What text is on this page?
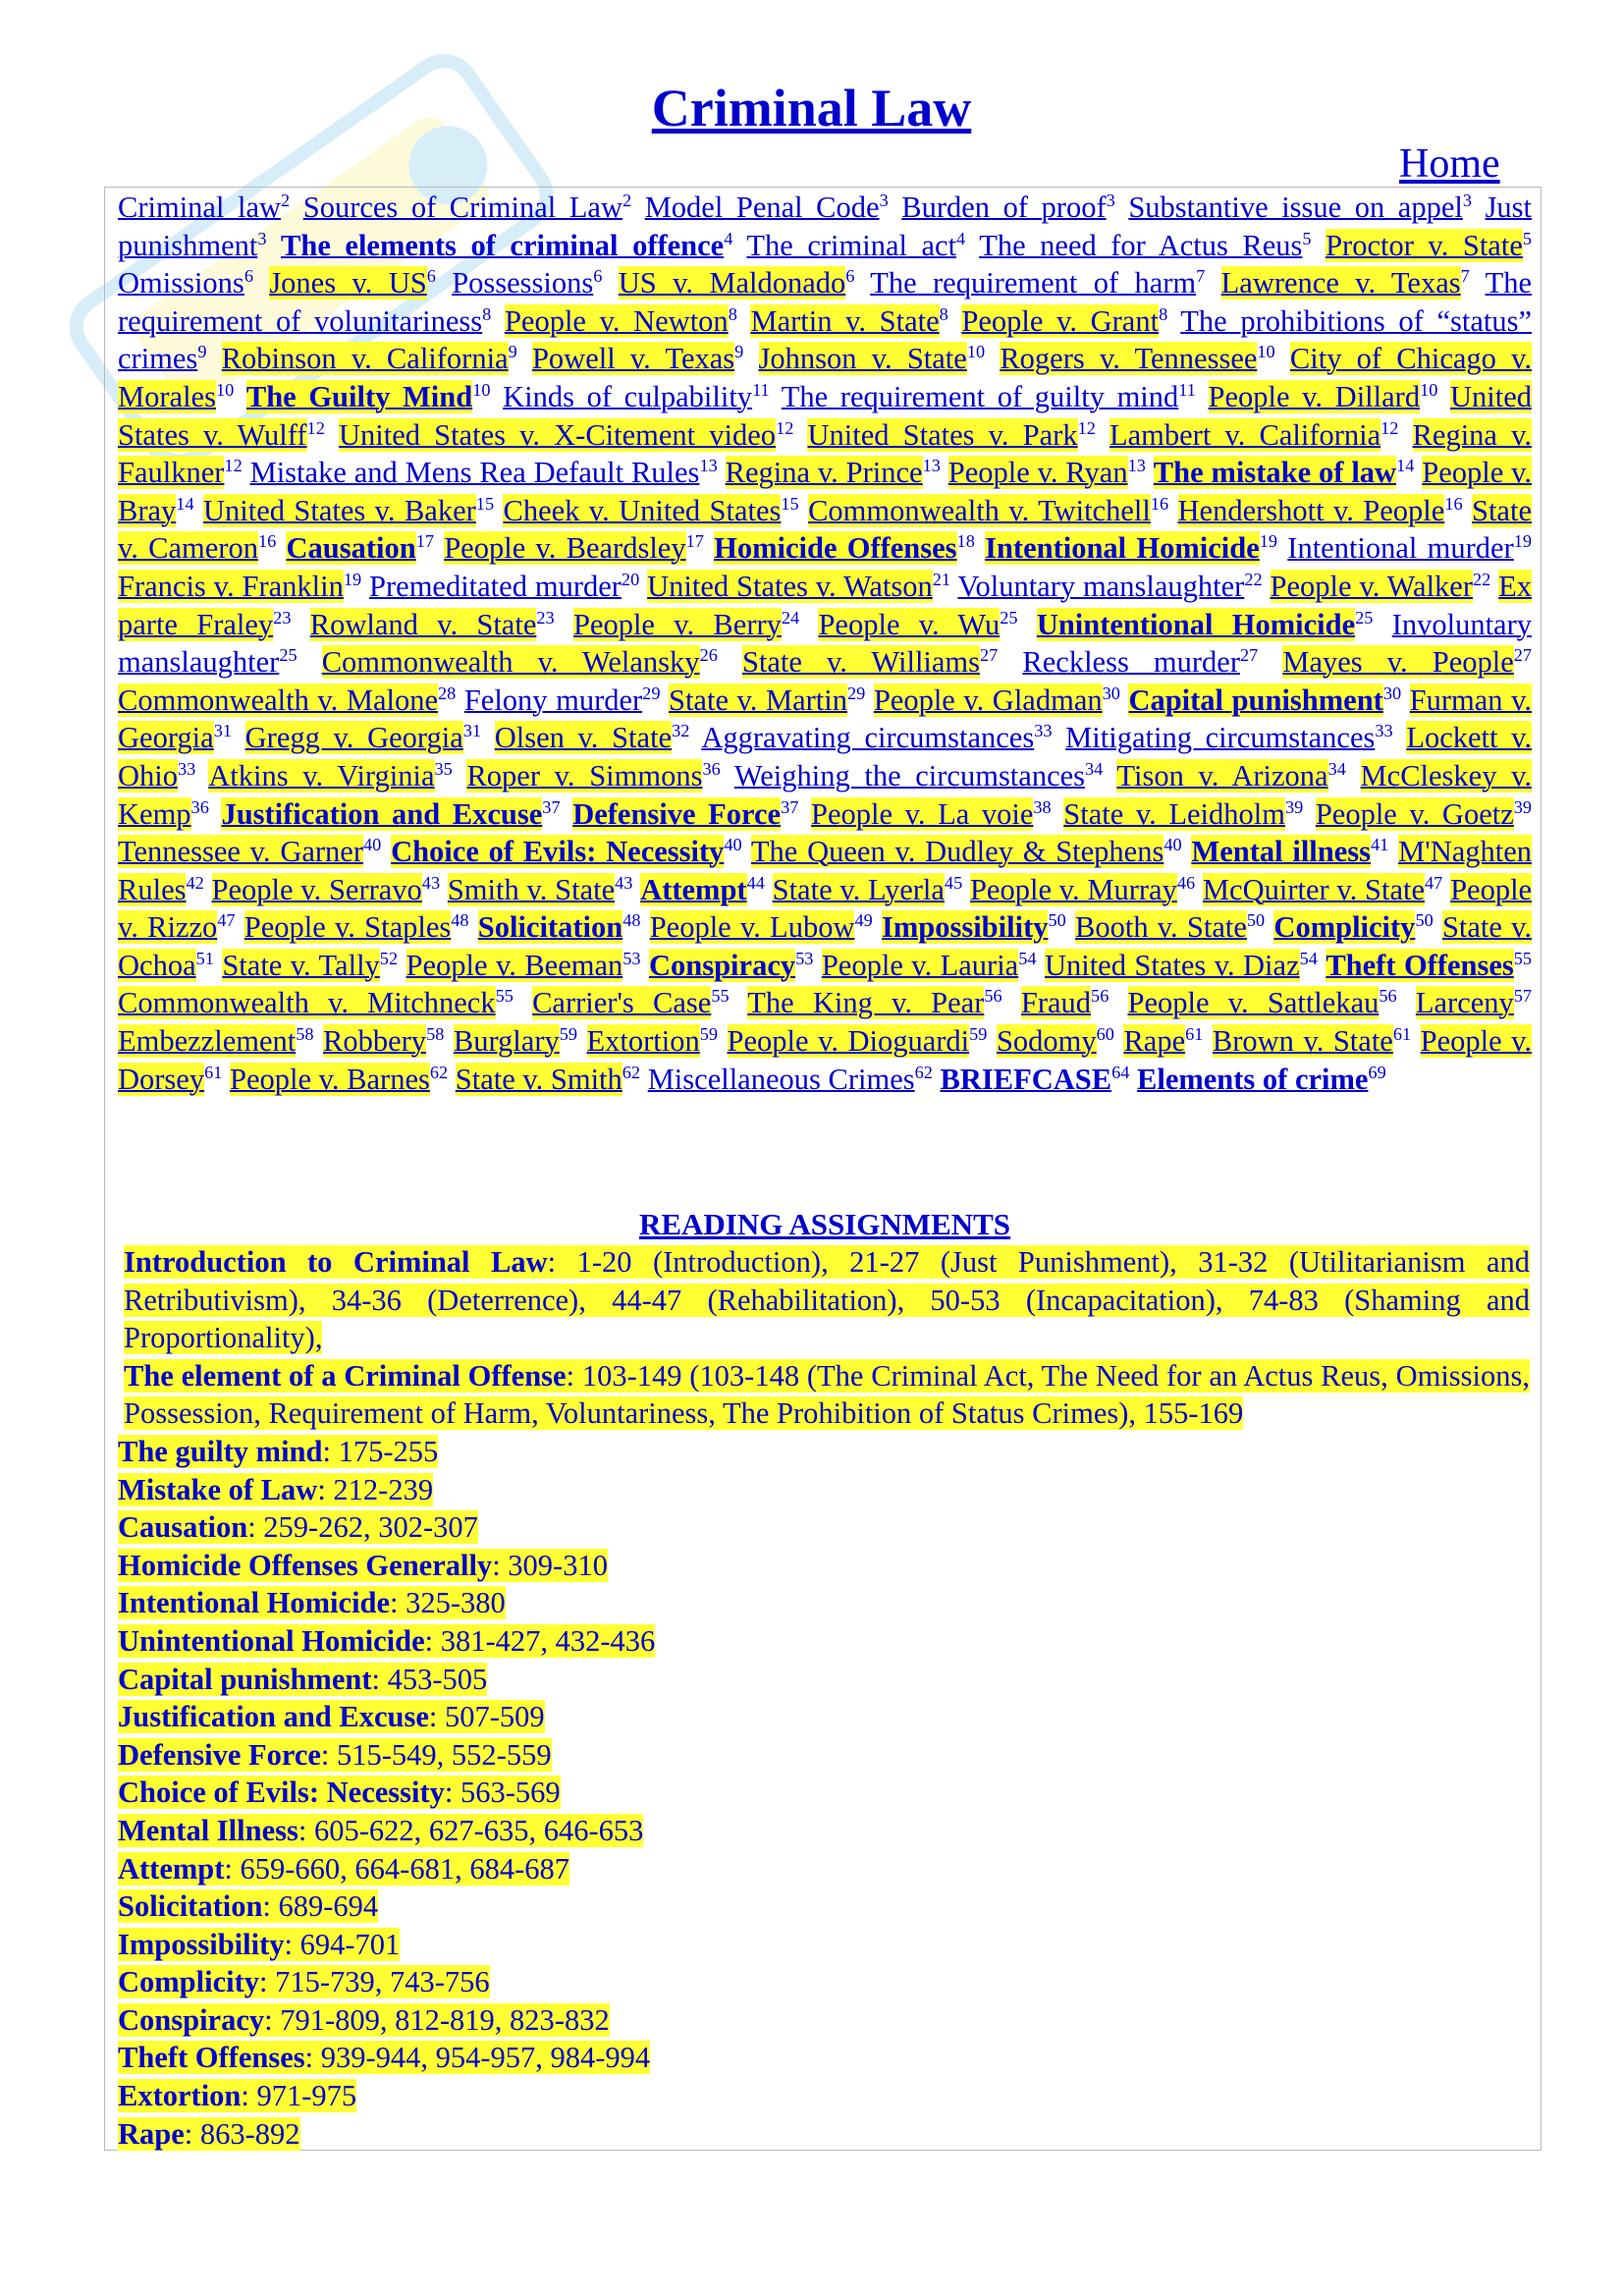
Criminal Law
Home
Criminal law$^2$ Sources of Criminal Law$^2$ Model Penal Code$^3$ Burden of proof$^3$ Substantive issue on appel$^3$ Just punishment$^3$ The elements of criminal offence$^4$ The criminal act$^4$ The need for Actus Reus$^5$ Proctor v. State$^5$ Omissions$^6$ Jones v. $US^6$ Possessions$^6$ US v. Maldonado$^6$ The requirement of harm$^7$ Lawrence v. Texas$^7$ The requirement of volunitariness$^8$ People v. Newton$^8$ Martin v. State$^8$ People v. Grant$^8$ The prohibitions of “status” crimes$^9$ Robinson v. California$^9$ Powell v. Texas$^9$ Johnson v. State$^{10}$ Rogers v. Tennessee$^{10}$ City of Chicago v. Morales$^{10}$ The Guilty Mind$^{10}$ Kinds of culpability$^{11}$ The requirement of guilty mind$^{11}$ People v. Dillard$^{10}$ United States v. Wulff$^{12}$ United States v. X-Citement video$^{12}$ United States v. Park$^{12}$ Lambert v. California$^{12}$ Regina v. Faulkner$^{12}$ Mistake and Mens Rea Default Rules$^{13}$ Regina v. Prince$^{13}$ People v. Ryan$^{13}$ The mistake of law$^{14}$ People v. Bray$^{14}$ United States v. Baker$^{15}$ Cheek v. United States$^{15}$ Commonwealth v. Twitchell$^{16}$ Hendershott v. People$^{16}$ State v. Cameron$^{16}$ Causation$^{17}$ People v. Beardsley$^{17}$ Homicide Offenses$^{18}$ Intentional Homicide$^{19}$ Intentional murder$^{19}$ Francis v. Franklin$^{19}$ Premeditated murder$^{20}$ United States v. Watson$^{21}$ Voluntary manslaughter$^{22}$ People v. Walker$^{22}$ Ex parte Fraley$^{23}$ Rowland v. State$^{23}$ People v. Berry$^{24}$ People v. Wu$^{25}$ Unintentional Homicide$^{25}$ Involuntary manslaughter$^{25}$ Commonwealth v. Welansky$^{26}$ State v. Williams$^{27}$ Reckless murder$^{27}$ Mayes v. People$^{27}$ Commonwealth v. Malone$^{28}$ Felony murder$^{29}$ State v. Martin$^{29}$ People v. Gladman$^{30}$ Capital punishment$^{30}$ Furman v. Georgia$^{31}$ Gregg v. Georgia$^{31}$ Olsen v. State$^{32}$ Aggravating circumstances$^{33}$ Mitigating circumstances$^{33}$ Lockett v. Ohio$^{33}$ Atkins v. Virginia$^{35}$ Roper v. Simmons$^{36}$ Weighing the circumstances$^{34}$ Tison v. Arizona$^{34}$ McCleskey v. Kemp$^{36}$ Justification and Excuse$^{37}$ Defensive Force$^{37}$ People v. La voie$^{38}$ State v. Leidholm$^{39}$ People v. Goetz$^{39}$ Tennessee v. Garner$^{40}$ Choice of Evils: Necessity$^{40}$ The Queen v. Dudley & Stephens$^{40}$ Mental illness$^{41}$ M'Naghten Rules$^{42}$ People v. Serravo$^{43}$ Smith v. State$^{43}$ Attempt$^{44}$ State v. Lyerla$^{45}$ People v. Murray$^{46}$ McQuirter v. State$^{47}$ People v. Rizzo$^{47}$ People v. Staples$^{48}$ Solicitation$^{48}$ People v. Lubow$^{49}$ Impossibility$^{50}$ Booth v. State$^{50}$ Complicity$^{50}$ State v. Ochoa$^{51}$ State v. Tally$^{52}$ People v. Beeman$^{53}$ Conspiracy$^{53}$ People v. Lauria$^{54}$ United States v. Diaz$^{54}$ Theft Offenses$^{55}$ Commonwealth v. Mitchneck$^{55}$ Carrier's Case$^{55}$ The King v. Pear$^{56}$ Fraud$^{56}$ People v. Sattlekau$^{56}$ Larceny$^{57}$ Embezzlement$^{58}$ Robbery$^{58}$ Burglary$^{59}$ Extortion$^{59}$ People v. Dioguardi$^{59}$ Sodomy$^{60}$ Rape$^{61}$ Brown v. State$^{61}$ People v. Dorsey$^{61}$ People v. Barnes$^{62}$ State v. Smith$^{62}$ Miscellaneous Crimes$^{62}$ BRIEFCASE$^{64}$ Elements of crime$^{69}$
READING ASSIGNMENTS
Introduction to Criminal Law: 1-20 (Introduction), 21-27 (Just Punishment), 31-32 (Utilitarianism and Retributivism), 34-36 (Deterrence), 44-47 (Rehabilitation), 50-53 (Incapacitation), 74-83 (Shaming and Proportionality),
The element of a Criminal Offense: 103-149 (103-148 (The Criminal Act, The Need for an Actus Reus, Omissions, Possession, Requirement of Harm, Voluntariness, The Prohibition of Status Crimes), 155-169
The guilty mind: 175-255
Mistake of Law: 212-239
Causation: 259-262, 302-307
Homicide Offenses Generally: 309-310
Intentional Homicide: 325-380
Unintentional Homicide: 381-427, 432-436
Capital punishment: 453-505
Justification and Excuse: 507-509
Defensive Force: 515-549, 552-559
Choice of Evils: Necessity: 563-569
Mental Illness: 605-622, 627-635, 646-653
Attempt: 659-660, 664-681, 684-687
Solicitation: 689-694
Impossibility: 694-701
Complicity: 715-739, 743-756
Conspiracy: 791-809, 812-819, 823-832
Theft Offenses: 939-944, 954-957, 984-994
Extortion: 971-975
Rape: 863-892
